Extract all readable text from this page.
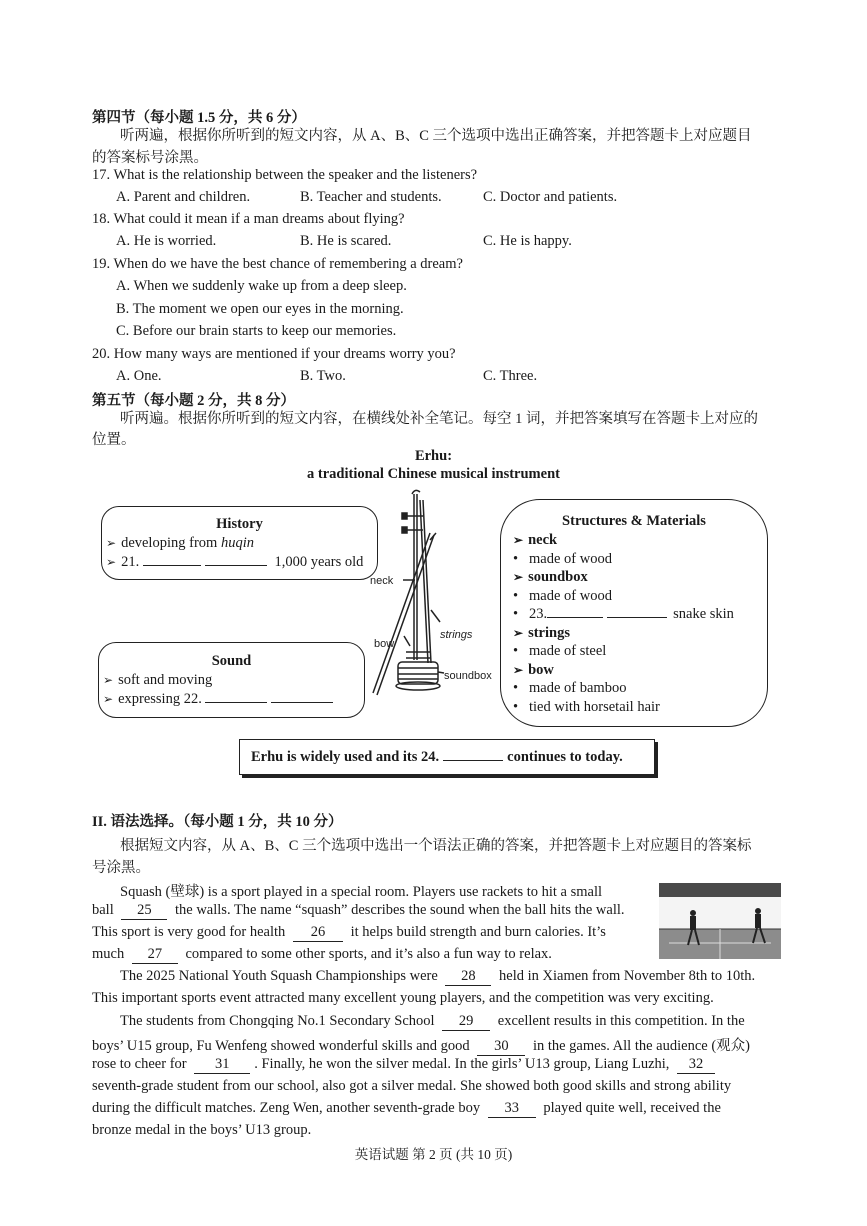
第四节（每小题 1.5 分，共 6 分）
听两遍，根据你所听到的短文内容，从 A、B、C 三个选项中选出正确答案，并把答题卡上对应题目
的答案标号涂黑。
17. What is the relationship between the speaker and the listeners?
A. Parent and children.	B. Teacher and students.	C. Doctor and patients.
18. What could it mean if a man dreams about flying?
A. He is worried.	B. He is scared.	C. He is happy.
19. When do we have the best chance of remembering a dream?
A. When we suddenly wake up from a deep sleep.
B. The moment we open our eyes in the morning.
C. Before our brain starts to keep our memories.
20. How many ways are mentioned if your dreams worry you?
A. One.	B. Two.	C. Three.
第五节（每小题 2 分，共 8 分）
听两遍。根据你所听到的短文内容，在横线处补全笔记。每空 1 词，并把答案填写在答题卡上对应的
位置。
Erhu:
a traditional Chinese musical instrument
History
➢ developing from huqin
➢ 21.	1,000 years old
Sound
➢ soft and moving
➢ expressing 22.
neck
bow
strings
soundbox
Structures & Materials
➢ neck
• made of wood
➢ soundbox
• made of wood
• 23.	snake skin
➢ strings
• made of steel
➢ bow
• made of bamboo
• tied with horsetail hair
Erhu is widely used and its 24.	continues to today.
II. 语法选择。（每小题 1 分，共 10 分）
根据短文内容，从 A、B、C 三个选项中选出一个语法正确的答案，并把答题卡上对应题目的答案标
号涂黑。
Squash (壁球) is a sport played in a special room. Players use rackets to hit a small
ball 25 the walls. The name “squash” describes the sound when the ball hits the wall.
This sport is very good for health 26 it helps build strength and burn calories. It’s
much 27 compared to some other sports, and it’s also a fun way to relax.
The 2025 National Youth Squash Championships were 28 held in Xiamen from November 8th to 10th.
This important sports event attracted many excellent young players, and the competition was very exciting.
The students from Chongqing No.1 Secondary School 29 excellent results in this competition. In the
boys’ U15 group, Fu Wenfeng showed wonderful skills and good 30 in the games. All the audience (观众)
rose to cheer for 31 . Finally, he won the silver medal. In the girls’ U13 group, Liang Luzhi, 32
seventh-grade student from our school, also got a silver medal. She showed both good skills and strong ability
during the difficult matches. Zeng Wen, another seventh-grade boy 33 played quite well, received the
bronze medal in the boys’ U13 group.
英语试题 第 2 页 (共 10 页)
